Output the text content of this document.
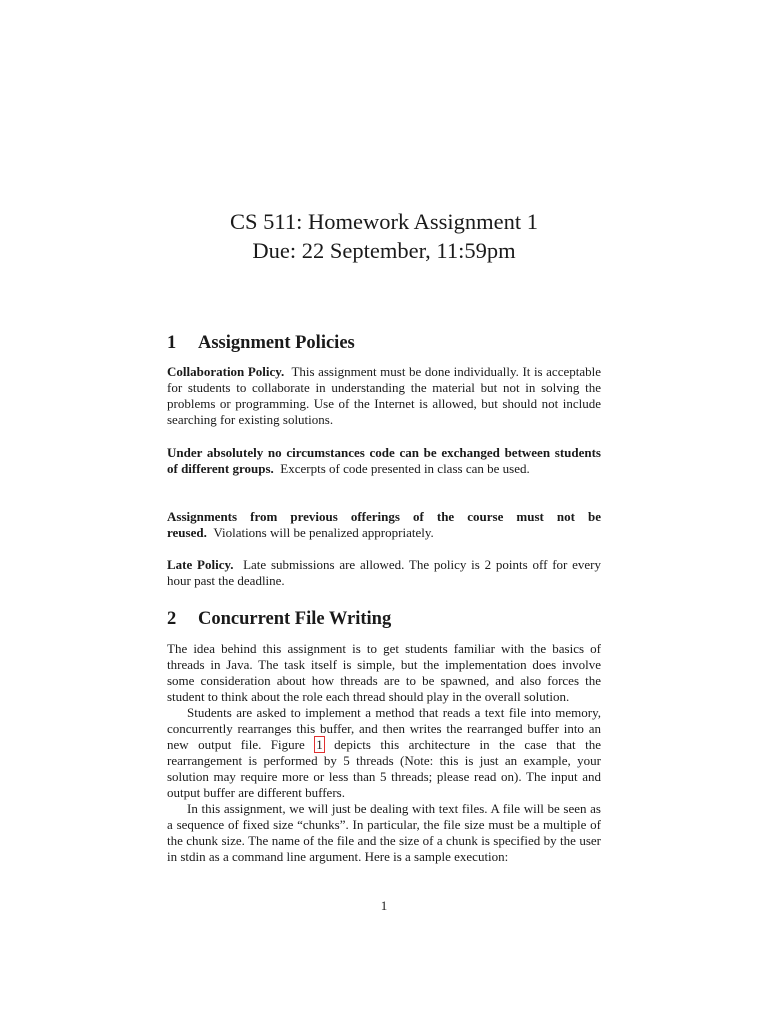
CS 511: Homework Assignment 1
Due: 22 September, 11:59pm
1 Assignment Policies

Collaboration Policy. This assignment must be done individually. It is acceptable for students to collaborate in understanding the material but not in solving the problems or programming. Use of the Internet is allowed, but should not include searching for existing solutions.

Under absolutely no circumstances code can be exchanged between students of different groups. Excerpts of code presented in class can be used.

Assignments from previous offerings of the course must not be reused. Violations will be penalized appropriately.

Late Policy. Late submissions are allowed. The policy is 2 points off for every hour past the deadline.

2 Concurrent File Writing

The idea behind this assignment is to get students familiar with the basics of threads in Java. The task itself is simple, but the implementation does involve some consideration about how threads are to be spawned, and also forces the student to think about the role each thread should play in the overall solution.

Students are asked to implement a method that reads a text file into memory, concurrently rearranges this buffer, and then writes the rearranged buffer into an new output file. Figure 1 depicts this architecture in the case that the rearrangement is performed by 5 threads (Note: this is just an example, your solution may require more or less than 5 threads; please read on). The input and output buffer are different buffers.

In this assignment, we will just be dealing with text files. A file will be seen as a sequence of fixed size “chunks”. In particular, the file size must be a multiple of the chunk size. The name of the file and the size of a chunk is specified by the user in stdin as a command line argument. Here is a sample execution:

1
